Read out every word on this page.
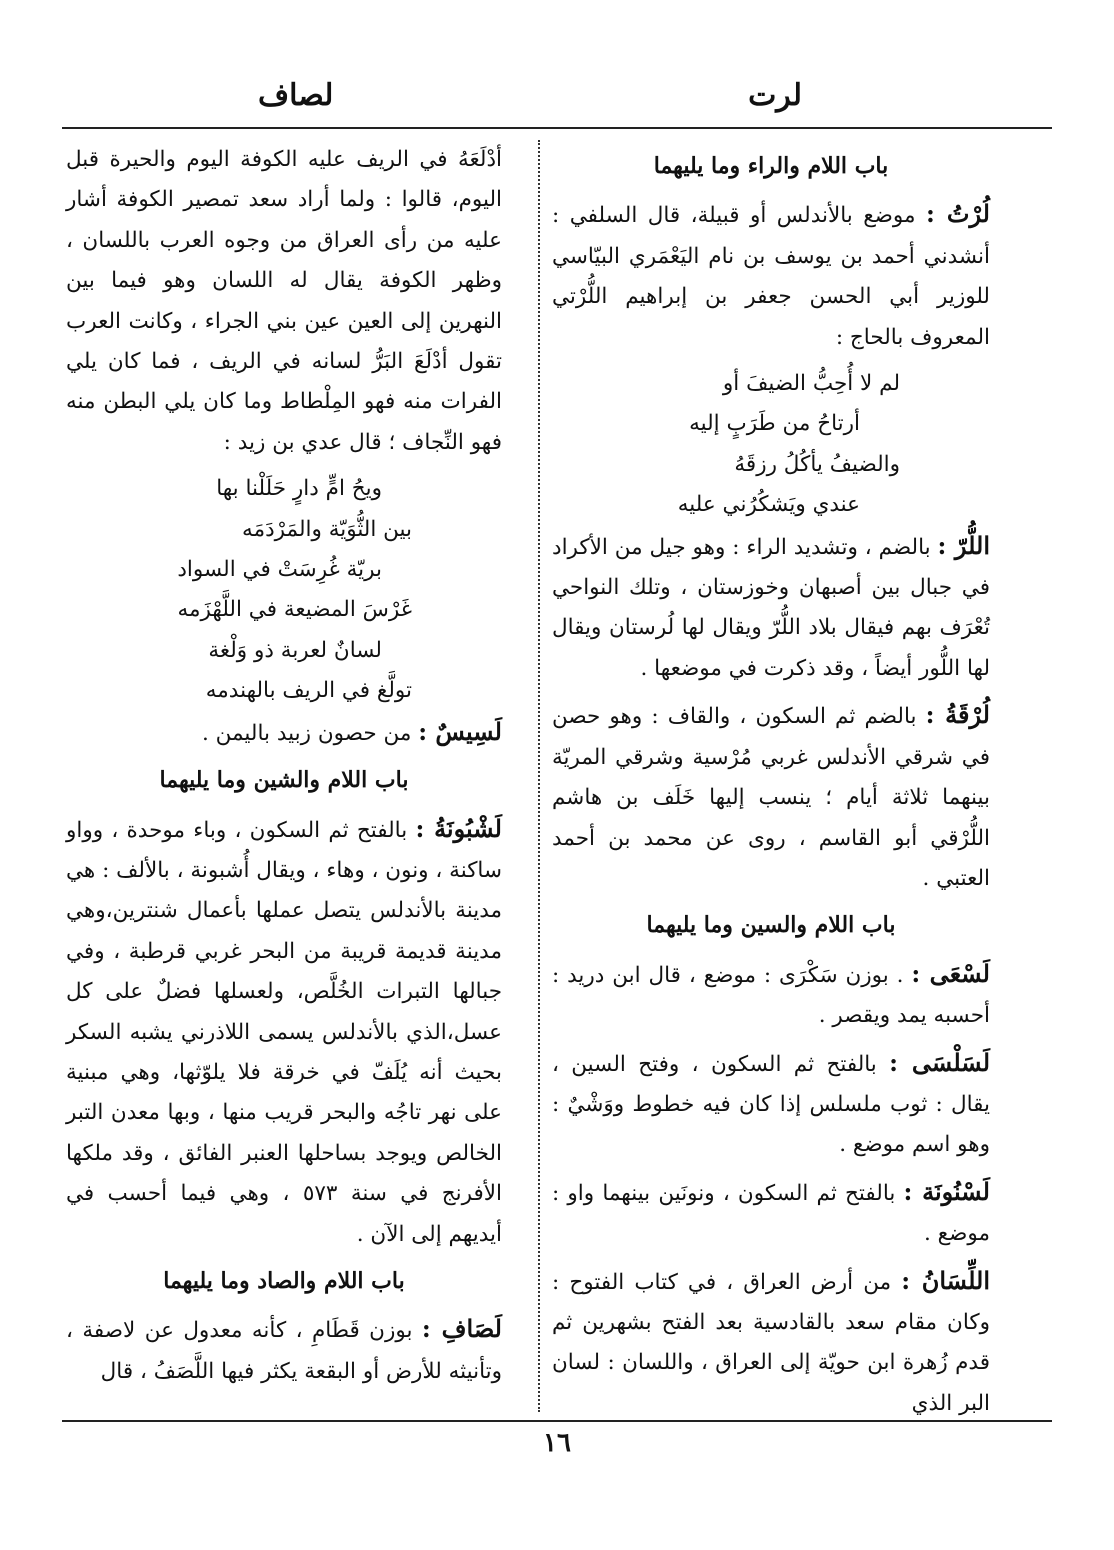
لرت
لصاف
باب اللام والراء وما يليهما

لُرْتُ : موضع بالأندلس أو قبيلة، قال السلفي : أنشدني أحمد بن يوسف بن نام اليَعْمَري البيّاسي للوزير أبي الحسن جعفر بن إبراهيم اللُّرْتي المعروف بالحاج :

لم لا أُحِبُّ الضيفَ أو

أرتاحُ من طَرَبٍ إليه

والضيفُ يأكُلُ رزقَهُ

عندي ويَشكُرُني عليه

اللُّرّ : بالضم ، وتشديد الراء : وهو جيل من الأكراد في جبال بين أصبهان وخوزستان ، وتلك النواحي تُعْرَف بهم فيقال بلاد اللُّرّ ويقال لها لُرستان ويقال لها اللُّور أيضاً ، وقد ذكرت في موضعها .

لُرْقَةُ : بالضم ثم السكون ، والقاف : وهو حصن في شرقي الأندلس غربي مُرْسية وشرقي المريّة بينهما ثلاثة أيام ؛ ينسب إليها خَلَف بن هاشم اللُّرْقي أبو القاسم ، روى عن محمد بن أحمد العتبي .

باب اللام والسين وما يليهما

لَسْعَى : . بوزن سَكْرَى : موضع ، قال ابن دريد : أحسبه يمد ويقصر .

لَسَلْسَى : بالفتح ثم السكون ، وفتح السين ، يقال : ثوب ملسلس إذا كان فيه خطوط ووَشْيٌ : وهو اسم موضع .

لَسْنُونَة : بالفتح ثم السكون ، ونونَين بينهما واو : موضع .

اللِّسَانُ : من أرض العراق ، في كتاب الفتوح : وكان مقام سعد بالقادسية بعد الفتح بشهرين ثم قدم زُهرة ابن حويّة إلى العراق ، واللسان : لسان البر الذي

أدْلَعَهُ في الريف عليه الكوفة اليوم والحيرة قبل اليوم، قالوا : ولما أراد سعد تمصير الكوفة أشار عليه من رأى العراق من وجوه العرب باللسان ، وظهر الكوفة يقال له اللسان وهو فيما بين النهرين إلى العين عين بني الجراء ، وكانت العرب تقول أدْلَعَ البَرُّ لسانه في الريف ، فما كان يلي الفرات منه فهو المِلْطاط وما كان يلي البطن منه فهو النِّجاف ؛ قال عدي بن زيد :

ويحُ امٍّ دارٍ حَلَلْنا بها

بين الثُّوَيّة والمَرْدَمَه

بريّة غُرِسَتْ في السواد

غَرْسَ المضيعة في اللَّهْزَمه

لسانٌ لعربة ذو وَلْغة

تولَّغ في الريف بالهندمه

لَسِيسٌ : من حصون زبيد باليمن .

باب اللام والشين وما يليهما

لَشْبُونَةُ : بالفتح ثم السكون ، وباء موحدة ، وواو ساكنة ، ونون ، وهاء ، ويقال أُشبونة ، بالألف : هي مدينة بالأندلس يتصل عملها بأعمال شنترين،وهي مدينة قديمة قريبة من البحر غربي قرطبة ، وفي جبالها التبرات الخُلَّص، ولعسلها فضلٌ على كل عسل،الذي بالأندلس يسمى اللاذرني يشبه السكر بحيث أنه يُلَفّ في خرقة فلا يلوّثها، وهي مبنية على نهر تاجُه والبحر قريب منها ، وبها معدن التبر الخالص ويوجد بساحلها العنبر الفائق ، وقد ملكها الأفرنج في سنة ٥٧٣ ، وهي فيما أحسب في أيديهم إلى الآن .

باب اللام والصاد وما يليهما

لَصَافِ : بوزن قَطَامِ ، كأنه معدول عن لاصفة ، وتأنيثه للأرض أو البقعة يكثر فيها اللَّصَفُ ، قال

١٦
